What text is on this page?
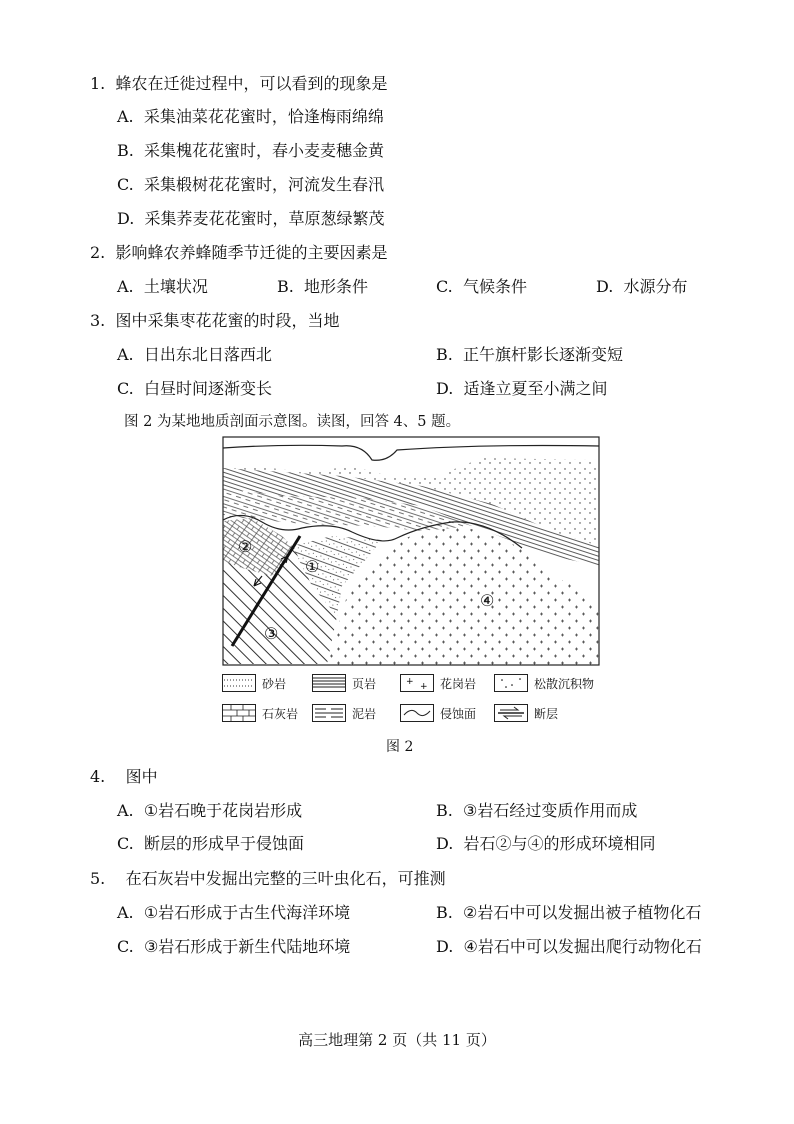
1. 蜂农在迁徙过程中，可以看到的现象是
A. 采集油菜花花蜜时，恰逢梅雨绵绵
B. 采集槐花花蜜时，春小麦麦穗金黄
C. 采集椴树花花蜜时，河流发生春汛
D. 采集荞麦花花蜜时，草原葱绿繁茂
2. 影响蜂农养蜂随季节迁徙的主要因素是
A. 土壤状况	B. 地形条件	C. 气候条件	D. 水源分布
3. 图中采集枣花花蜜的时段，当地
A. 日出东北日落西北	B. 正午旗杆影长逐渐变短
C. 白昼时间逐渐变长	D. 适逢立夏至小满之间
图 2 为某地地质剖面示意图。读图，回答 4、5 题。
②
①
③
④
砂岩	页岩	+ + 花岗岩	松散沉积物
石灰岩	泥岩	侵蚀面	断层
图 2
4. 图中
A. ①岩石晚于花岗岩形成	B. ③岩石经过变质作用而成
C. 断层的形成早于侵蚀面	D. 岩石②与④的形成环境相同
5. 在石灰岩中发掘出完整的三叶虫化石，可推测
A. ①岩石形成于古生代海洋环境	B. ②岩石中可以发掘出被子植物化石
C. ③岩石形成于新生代陆地环境	D. ④岩石中可以发掘出爬行动物化石
高三地理第 2 页（共 11 页）
